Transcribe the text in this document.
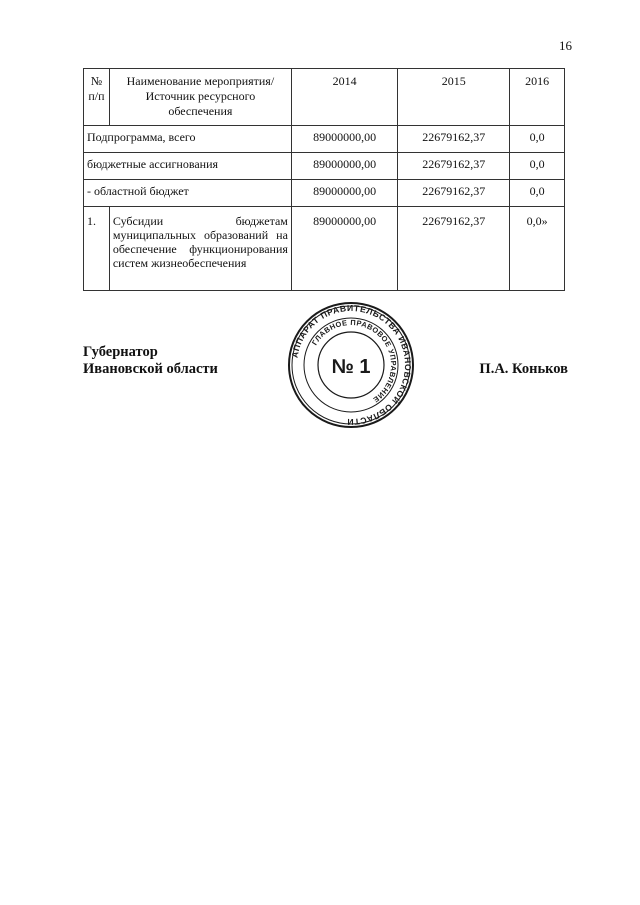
16
№ п/п	Наименование мероприятия/Источник ресурсного обеспечения	2014	2015	2016
Подпрограмма, всего		89000000,00	22679162,37	0,0
бюджетные ассигнования		89000000,00	22679162,37	0,0
- областной бюджет		89000000,00	22679162,37	0,0
1.	Субсидии бюджетам муниципальных образований на обеспечение функционирования систем жизнеобеспечения	89000000,00	22679162,37	0,0»
Губернатор
Ивановской области	П.А. Коньков
АППАРАТ ПРАВИТЕЛЬСТВА ИВАНОВСКОЙ ОБЛАСТИ
ГЛАВНОЕ ПРАВОВОЕ УПРАВЛЕНИЕ
№ 1
